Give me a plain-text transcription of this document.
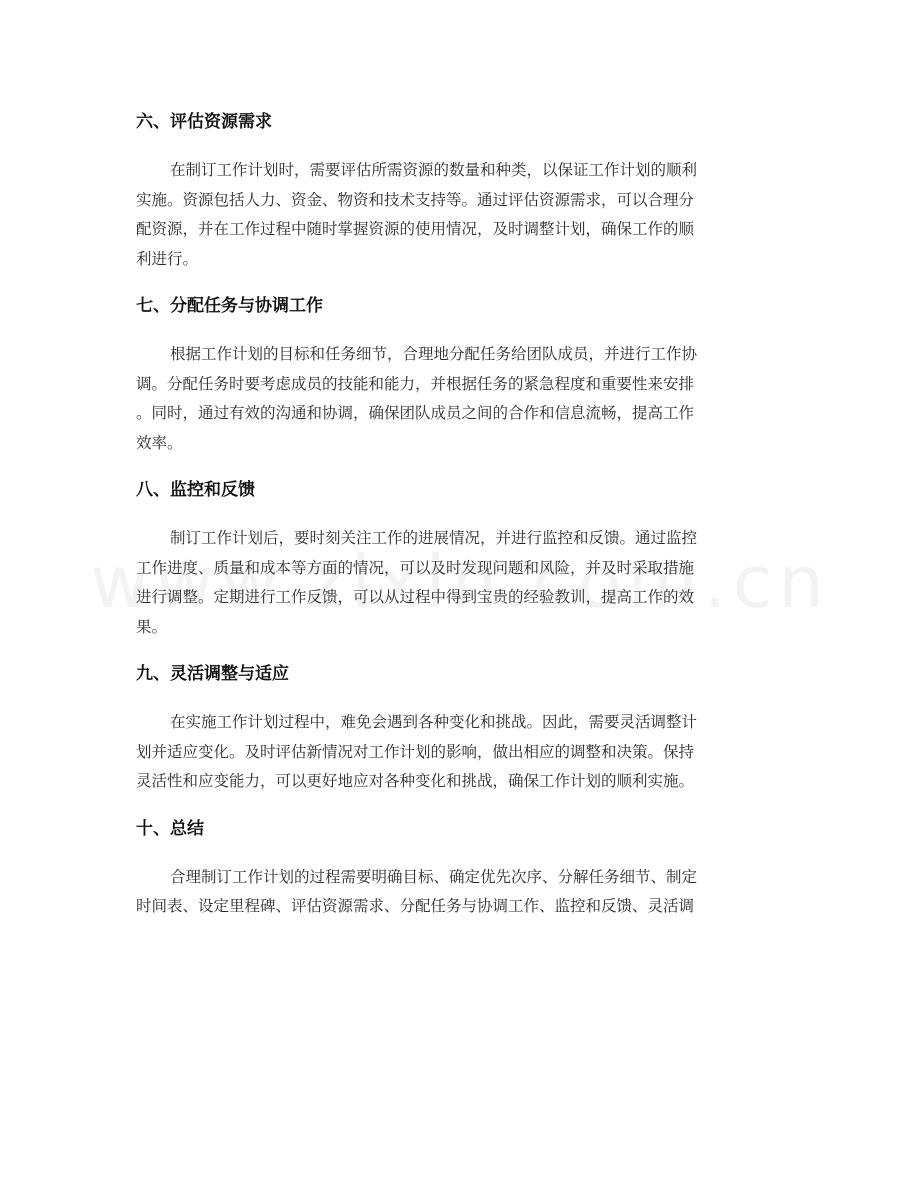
六、评估资源需求
在制订工作计划时，需要评估所需资源的数量和种类，以保证工作计划的顺利
实施。资源包括人力、资金、物资和技术支持等。通过评估资源需求，可以合理分
配资源，并在工作过程中随时掌握资源的使用情况，及时调整计划，确保工作的顺
利进行。
七、分配任务与协调工作
根据工作计划的目标和任务细节，合理地分配任务给团队成员，并进行工作协
调。分配任务时要考虑成员的技能和能力，并根据任务的紧急程度和重要性来安排
。同时，通过有效的沟通和协调，确保团队成员之间的合作和信息流畅，提高工作
效率。
八、监控和反馈
制订工作计划后，要时刻关注工作的进展情况，并进行监控和反馈。通过监控
工作进度、质量和成本等方面的情况，可以及时发现问题和风险，并及时采取措施
进行调整。定期进行工作反馈，可以从过程中得到宝贵的经验教训，提高工作的效
果。
九、灵活调整与适应
在实施工作计划过程中，难免会遇到各种变化和挑战。因此，需要灵活调整计
划并适应变化。及时评估新情况对工作计划的影响，做出相应的调整和决策。保持
灵活性和应变能力，可以更好地应对各种变化和挑战，确保工作计划的顺利实施。
十、总结
合理制订工作计划的过程需要明确目标、确定优先次序、分解任务细节、制定
时间表、设定里程碑、评估资源需求、分配任务与协调工作、监控和反馈、灵活调
